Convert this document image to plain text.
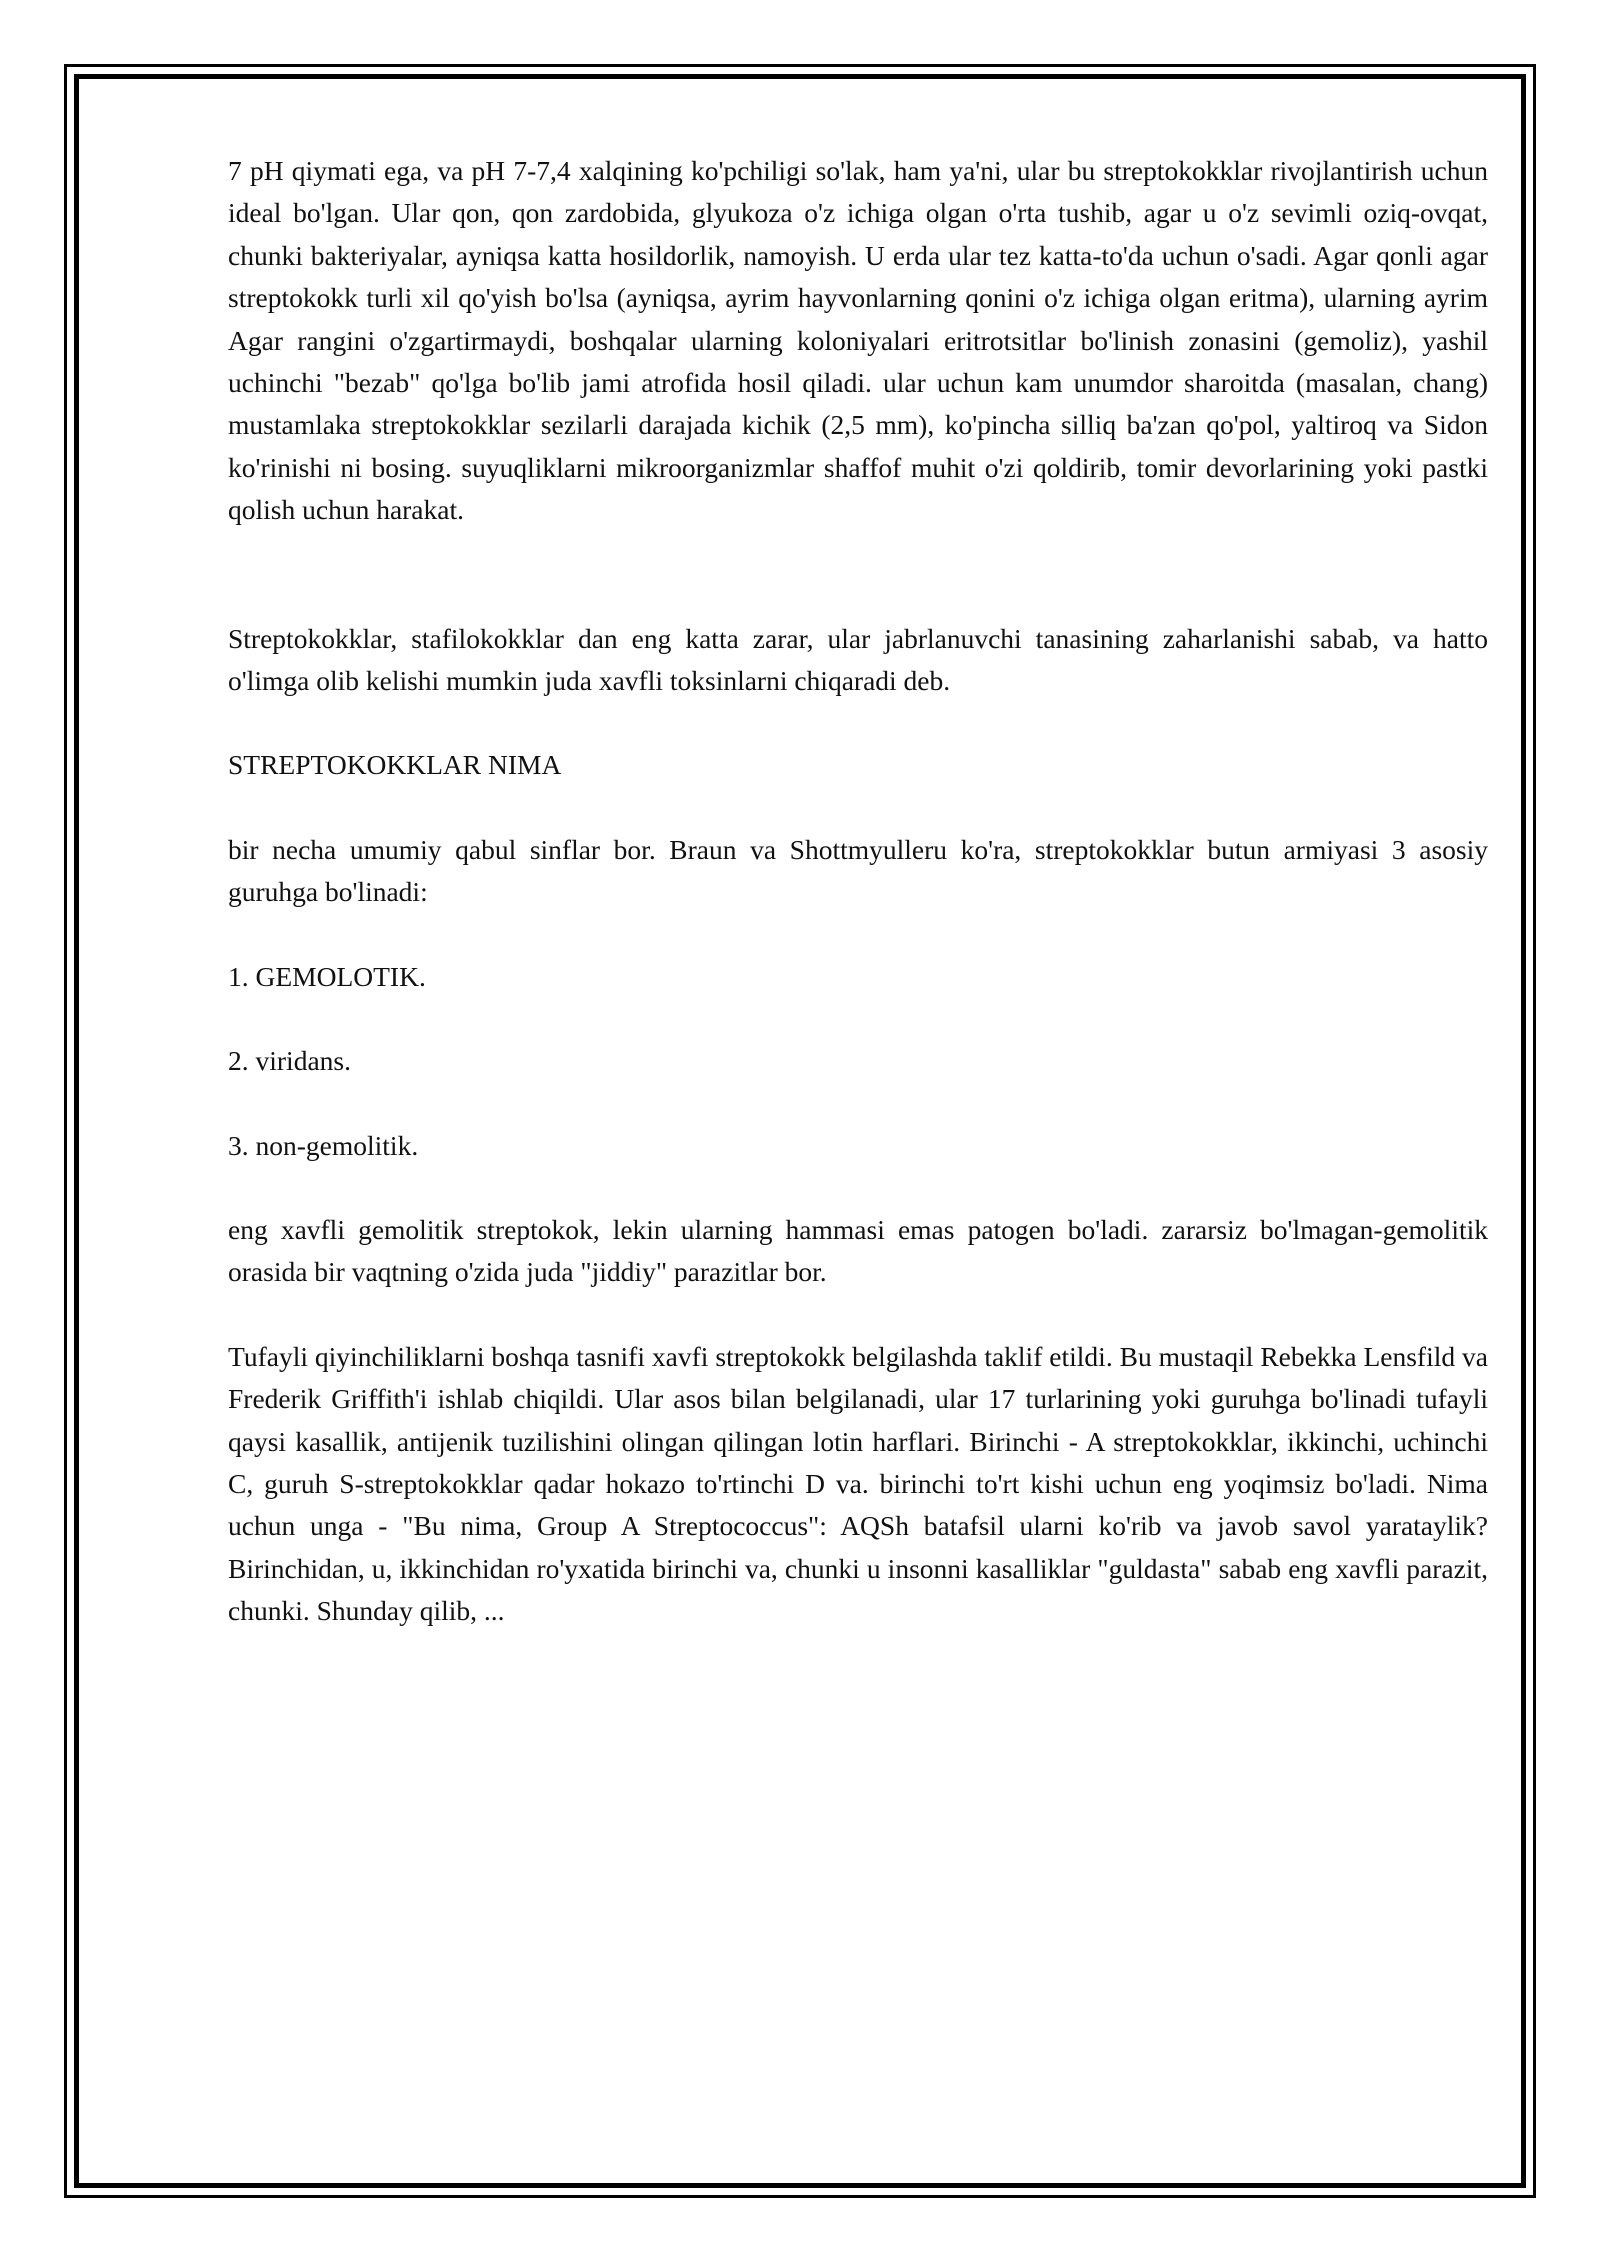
7 pH qiymati ega, va pH 7-7,4 xalqining ko'pchiligi so'lak, ham ya'ni, ular bu streptokokklar rivojlantirish uchun ideal bo'lgan. Ular qon, qon zardobida, glyukoza o'z ichiga olgan o'rta tushib, agar u o'z sevimli oziq-ovqat, chunki bakteriyalar, ayniqsa katta hosildorlik, namoyish. U erda ular tez katta-to'da uchun o'sadi. Agar qonli agar streptokokk turli xil qo'yish bo'lsa (ayniqsa, ayrim hayvonlarning qonini o'z ichiga olgan eritma), ularning ayrim Agar rangini o'zgartirmaydi, boshqalar ularning koloniyalari eritrotsitlar bo'linish zonasini (gemoliz), yashil uchinchi "bezab" qo'lga bo'lib jami atrofida hosil qiladi. ular uchun kam unumdor sharoitda (masalan, chang) mustamlaka streptokokklar sezilarli darajada kichik (2,5 mm), ko'pincha silliq ba'zan qo'pol, yaltiroq va Sidon ko'rinishi ni bosing. suyuqliklarni mikroorganizmlar shaffof muhit o'zi qoldirib, tomir devorlarining yoki pastki qolish uchun harakat.

Streptokokklar, stafilokokklar dan eng katta zarar, ular jabrlanuvchi tanasining zaharlanishi sabab, va hatto o'limga olib kelishi mumkin juda xavfli toksinlarni chiqaradi deb.

STREPTOKOKKLAR NIMA

bir necha umumiy qabul sinflar bor. Braun va Shottmyulleru ko'ra, streptokokklar butun armiyasi 3 asosiy guruhga bo'linadi:

1. GEMOLOTIK.

2. viridans.

3. non-gemolitik.

eng xavfli gemolitik streptokok, lekin ularning hammasi emas patogen bo'ladi. zararsiz bo'lmagan-gemolitik orasida bir vaqtning o'zida juda "jiddiy" parazitlar bor.

Tufayli qiyinchiliklarni boshqa tasnifi xavfi streptokokk belgilashda taklif etildi. Bu mustaqil Rebekka Lensfild va Frederik Griffith'i ishlab chiqildi. Ular asos bilan belgilanadi, ular 17 turlarining yoki guruhga bo'linadi tufayli qaysi kasallik, antijenik tuzilishini olingan qilingan lotin harflari. Birinchi - A streptokokklar, ikkinchi, uchinchi C, guruh S-streptokokklar qadar hokazo to'rtinchi D va. birinchi to'rt kishi uchun eng yoqimsiz bo'ladi. Nima uchun unga - "Bu nima, Group A Streptococcus": AQSh batafsil ularni ko'rib va javob savol yarataylik? Birinchidan, u, ikkinchidan ro'yxatida birinchi va, chunki u insonni kasalliklar "guldasta" sabab eng xavfli parazit, chunki. Shunday qilib, ...
